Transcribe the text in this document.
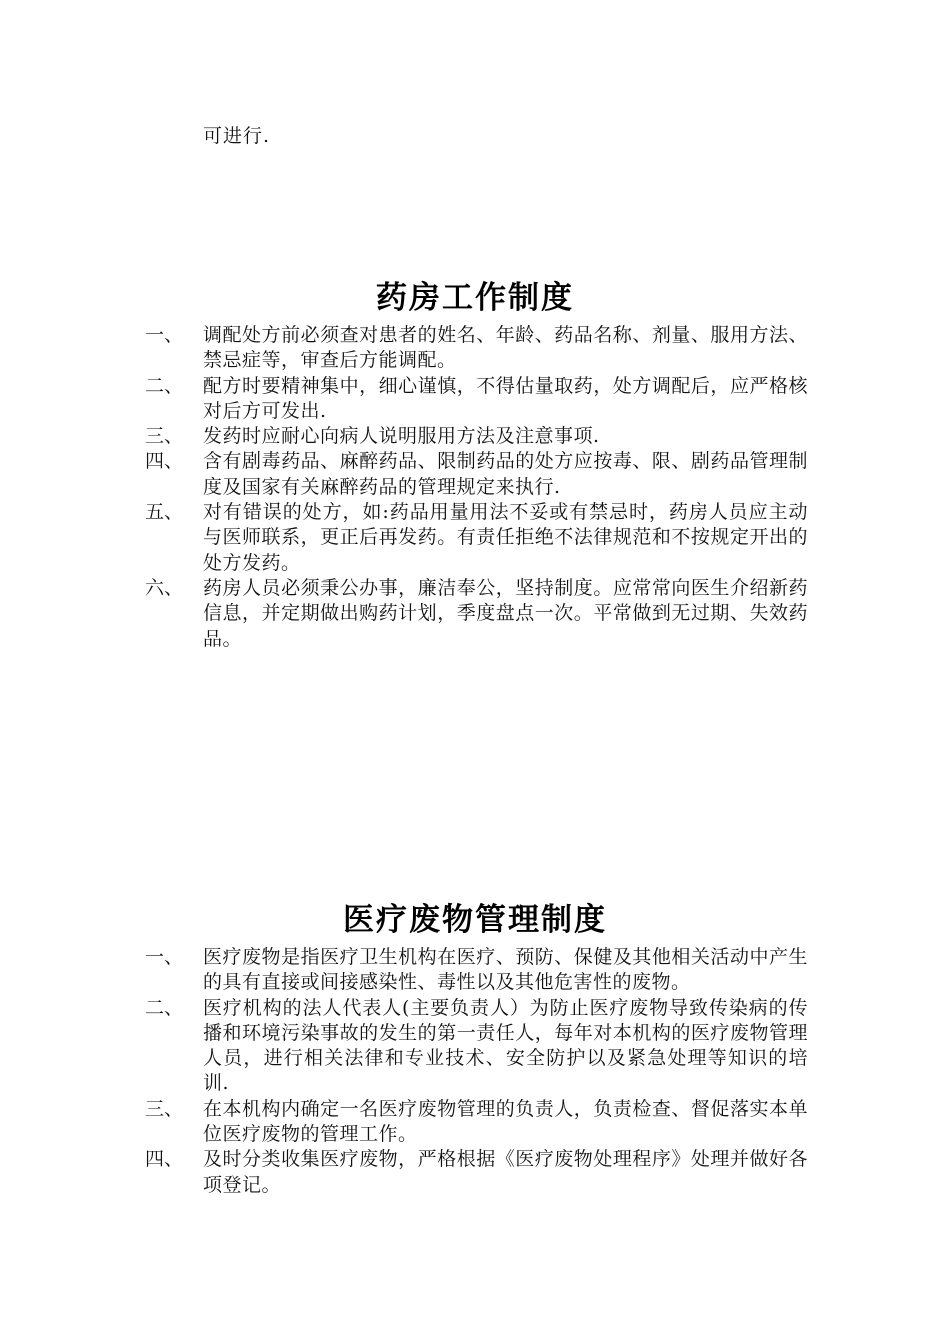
可进行.
药房工作制度
一、	调配处方前必须查对患者的姓名、年龄、药品名称、剂量、服用方法、禁忌症等，审查后方能调配。
二、	配方时要精神集中，细心谨慎，不得估量取药，处方调配后，应严格核对后方可发出.
三、	发药时应耐心向病人说明服用方法及注意事项.
四、	含有剧毒药品、麻醉药品、限制药品的处方应按毒、限、剧药品管理制度及国家有关麻醉药品的管理规定来执行.
五、	对有错误的处方，如:药品用量用法不妥或有禁忌时，药房人员应主动与医师联系，更正后再发药。有责任拒绝不法律规范和不按规定开出的处方发药。
六、	药房人员必须秉公办事，廉洁奉公，坚持制度。应常常向医生介绍新药信息，并定期做出购药计划，季度盘点一次。平常做到无过期、失效药品。
医疗废物管理制度
一、	医疗废物是指医疗卫生机构在医疗、预防、保健及其他相关活动中产生的具有直接或间接感染性、毒性以及其他危害性的废物。
二、	医疗机构的法人代表人(主要负责人）为防止医疗废物导致传染病的传播和环境污染事故的发生的第一责任人，每年对本机构的医疗废物管理人员，进行相关法律和专业技术、安全防护以及紧急处理等知识的培训.
三、	在本机构内确定一名医疗废物管理的负责人，负责检查、督促落实本单位医疗废物的管理工作。
四、	及时分类收集医疗废物，严格根据《医疗废物处理程序》处理并做好各项登记。
